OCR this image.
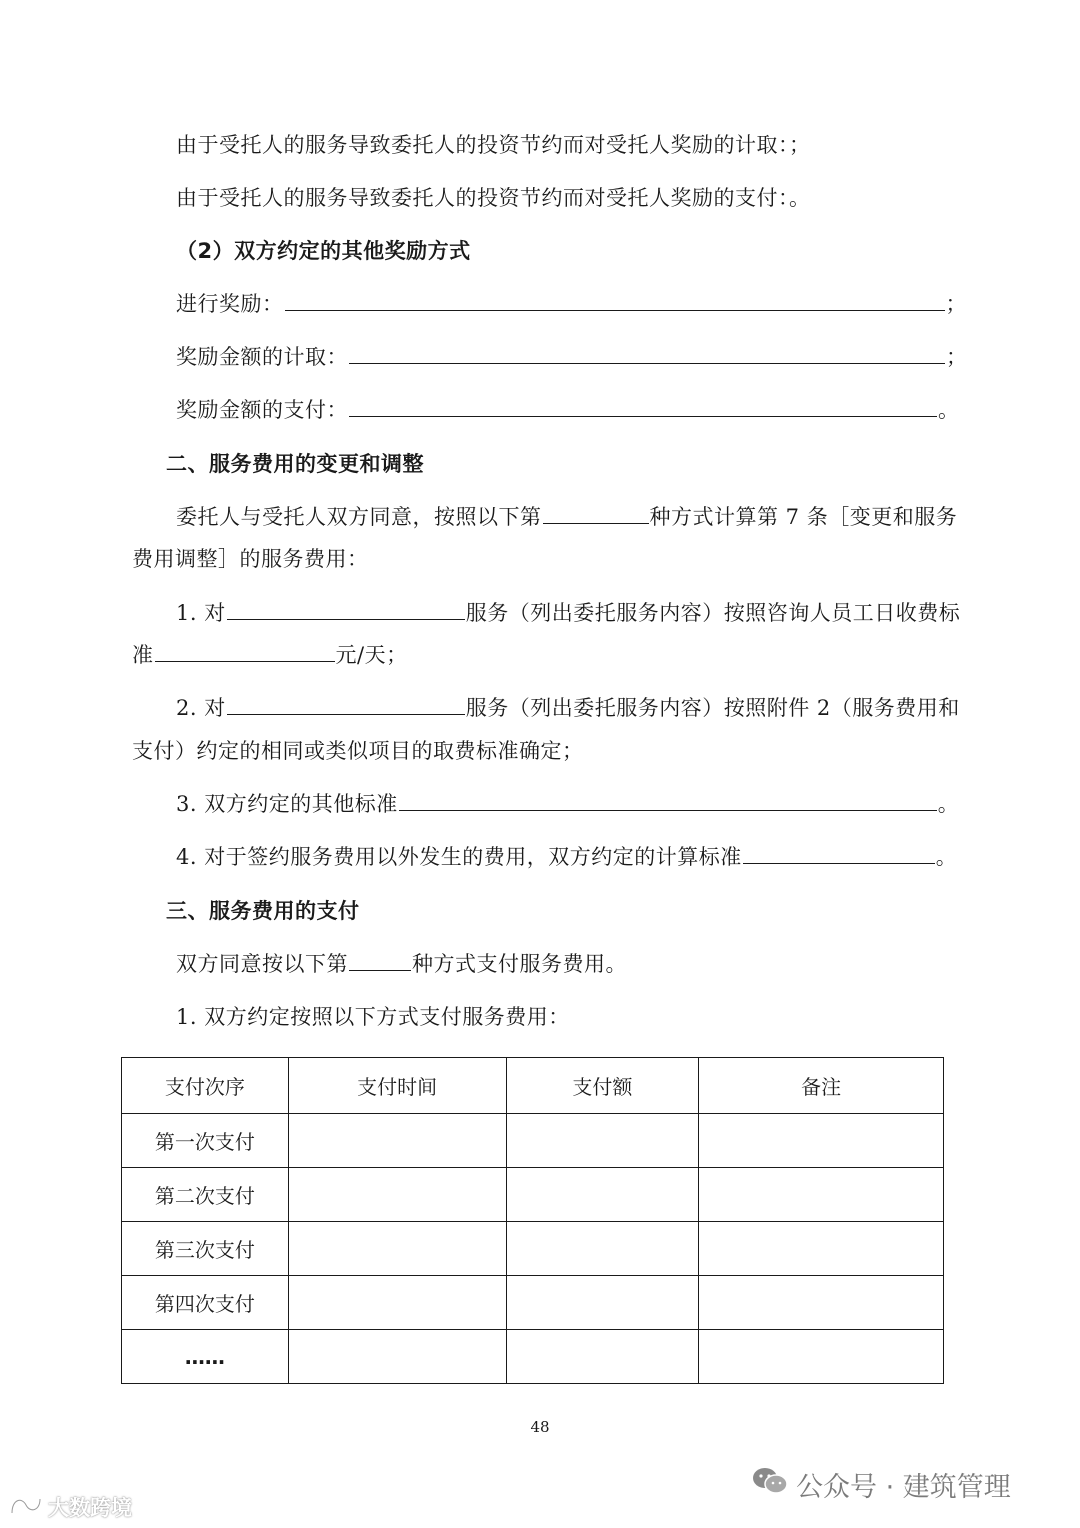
由于受托人的服务导致委托人的投资节约而对受托人奖励的计取：；
由于受托人的服务导致委托人的投资节约而对受托人奖励的支付：。
（2）双方约定的其他奖励方式
进行奖励：	；
奖励金额的计取：	；
奖励金额的支付：	。
二、服务费用的变更和调整
委托人与受托人双方同意，按照以下第	种方式计算第 7 条［变更和服务
费用调整］的服务费用：
1. 对	服务（列出委托服务内容）按照咨询人员工日收费标
准	元/天；
2. 对	服务（列出委托服务内容）按照附件 2（服务费用和
支付）约定的相同或类似项目的取费标准确定；
3. 双方约定的其他标准	。
4. 对于签约服务费用以外发生的费用，双方约定的计算标准	。
三、服务费用的支付
双方同意按以下第	种方式支付服务费用。
1. 双方约定按照以下方式支付服务费用：
支付次序	支付时间	支付额	备注
第一次支付			
第二次支付			
第三次支付			
第四次支付			
……			
48
公众号 · 建筑管理
大数跨境
